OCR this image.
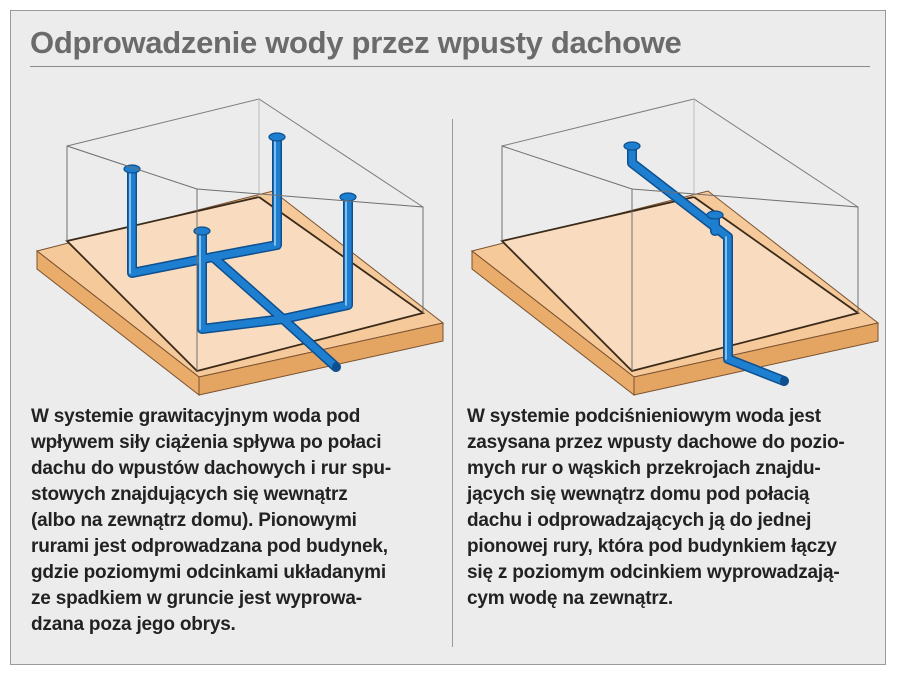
Odprowadzenie wody przez wpusty dachowe
W systemie grawitacyjnym woda pod
wpływem siły ciążenia spływa po połaci
dachu do wpustów dachowych i rur spu-
stowych znajdujących się wewnątrz
(albo na zewnątrz domu). Pionowymi
rurami jest odprowadzana pod budynek,
gdzie poziomymi odcinkami układanymi
ze spadkiem w gruncie jest wyprowa-
dzana poza jego obrys.
W systemie podciśnieniowym woda jest
zasysana przez wpusty dachowe do pozio-
mych rur o wąskich przekrojach znajdu-
jących się wewnątrz domu pod połacią
dachu i odprowadzających ją do jednej
pionowej rury, która pod budynkiem łączy
się z poziomym odcinkiem wyprowadzają-
cym wodę na zewnątrz.
